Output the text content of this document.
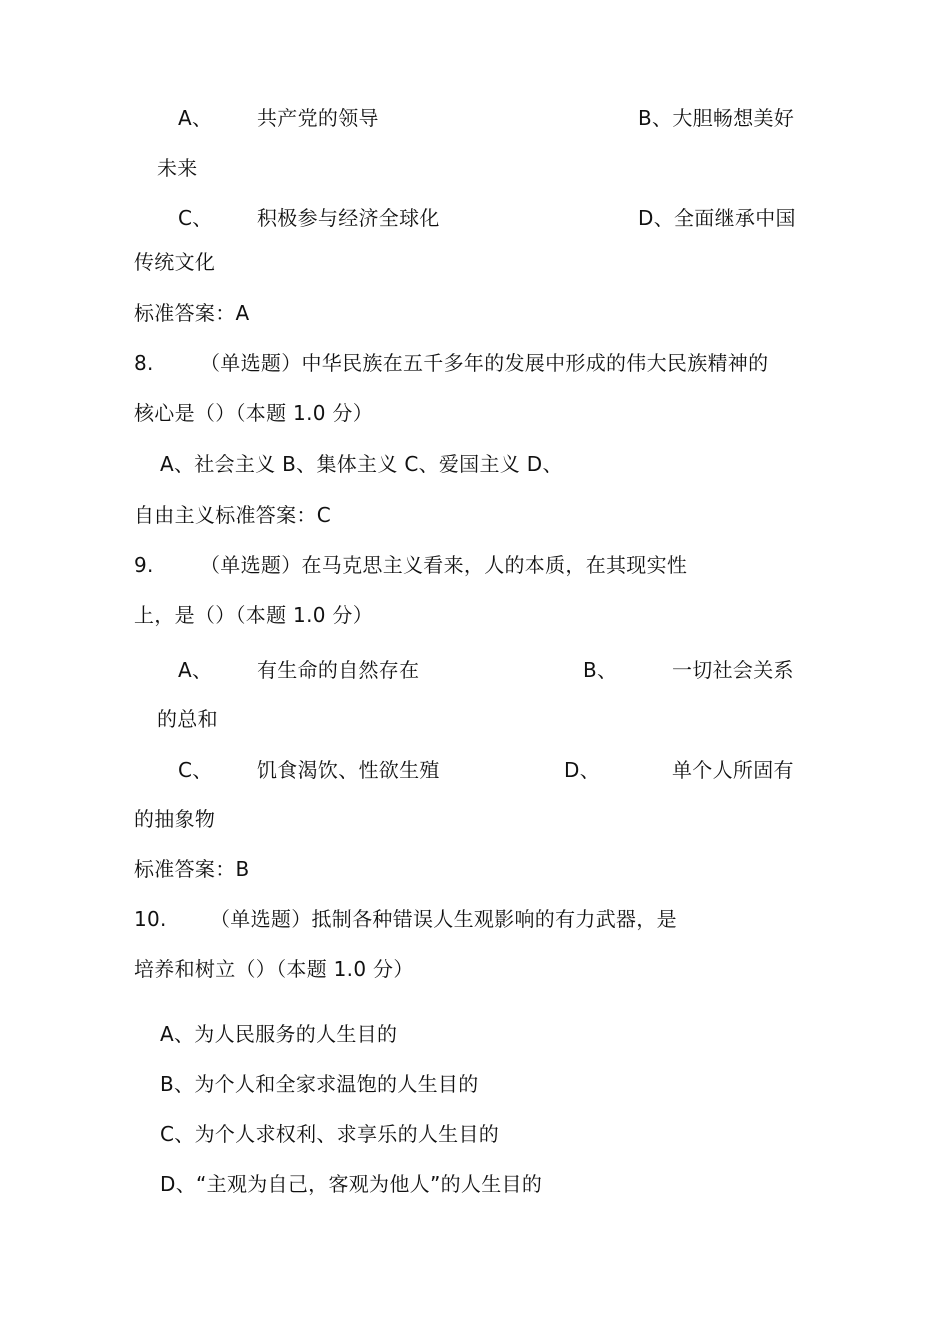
A、 共产党的领导	B、大胆畅想美好
未来
C、 积极参与经济全球化	D、全面继承中国
传统文化
标准答案：A
8. （单选题）中华民族在五千多年的发展中形成的伟大民族精神的
核心是（）（本题 1.0 分）
A、社会主义 B、集体主义 C、爱国主义 D、
自由主义标准答案：C
9. （单选题）在马克思主义看来，人的本质，在其现实性
上，是（）（本题 1.0 分）
A、 有生命的自然存在	B、	一切社会关系
的总和
C、 饥食渴饮、性欲生殖	D、	单个人所固有
的抽象物
标准答案：B
10. （单选题）抵制各种错误人生观影响的有力武器，是
培养和树立（）（本题 1.0 分）
A、为人民服务的人生目的
B、为个人和全家求温饱的人生目的
C、为个人求权利、求享乐的人生目的
D、“主观为自己，客观为他人”的人生目的
